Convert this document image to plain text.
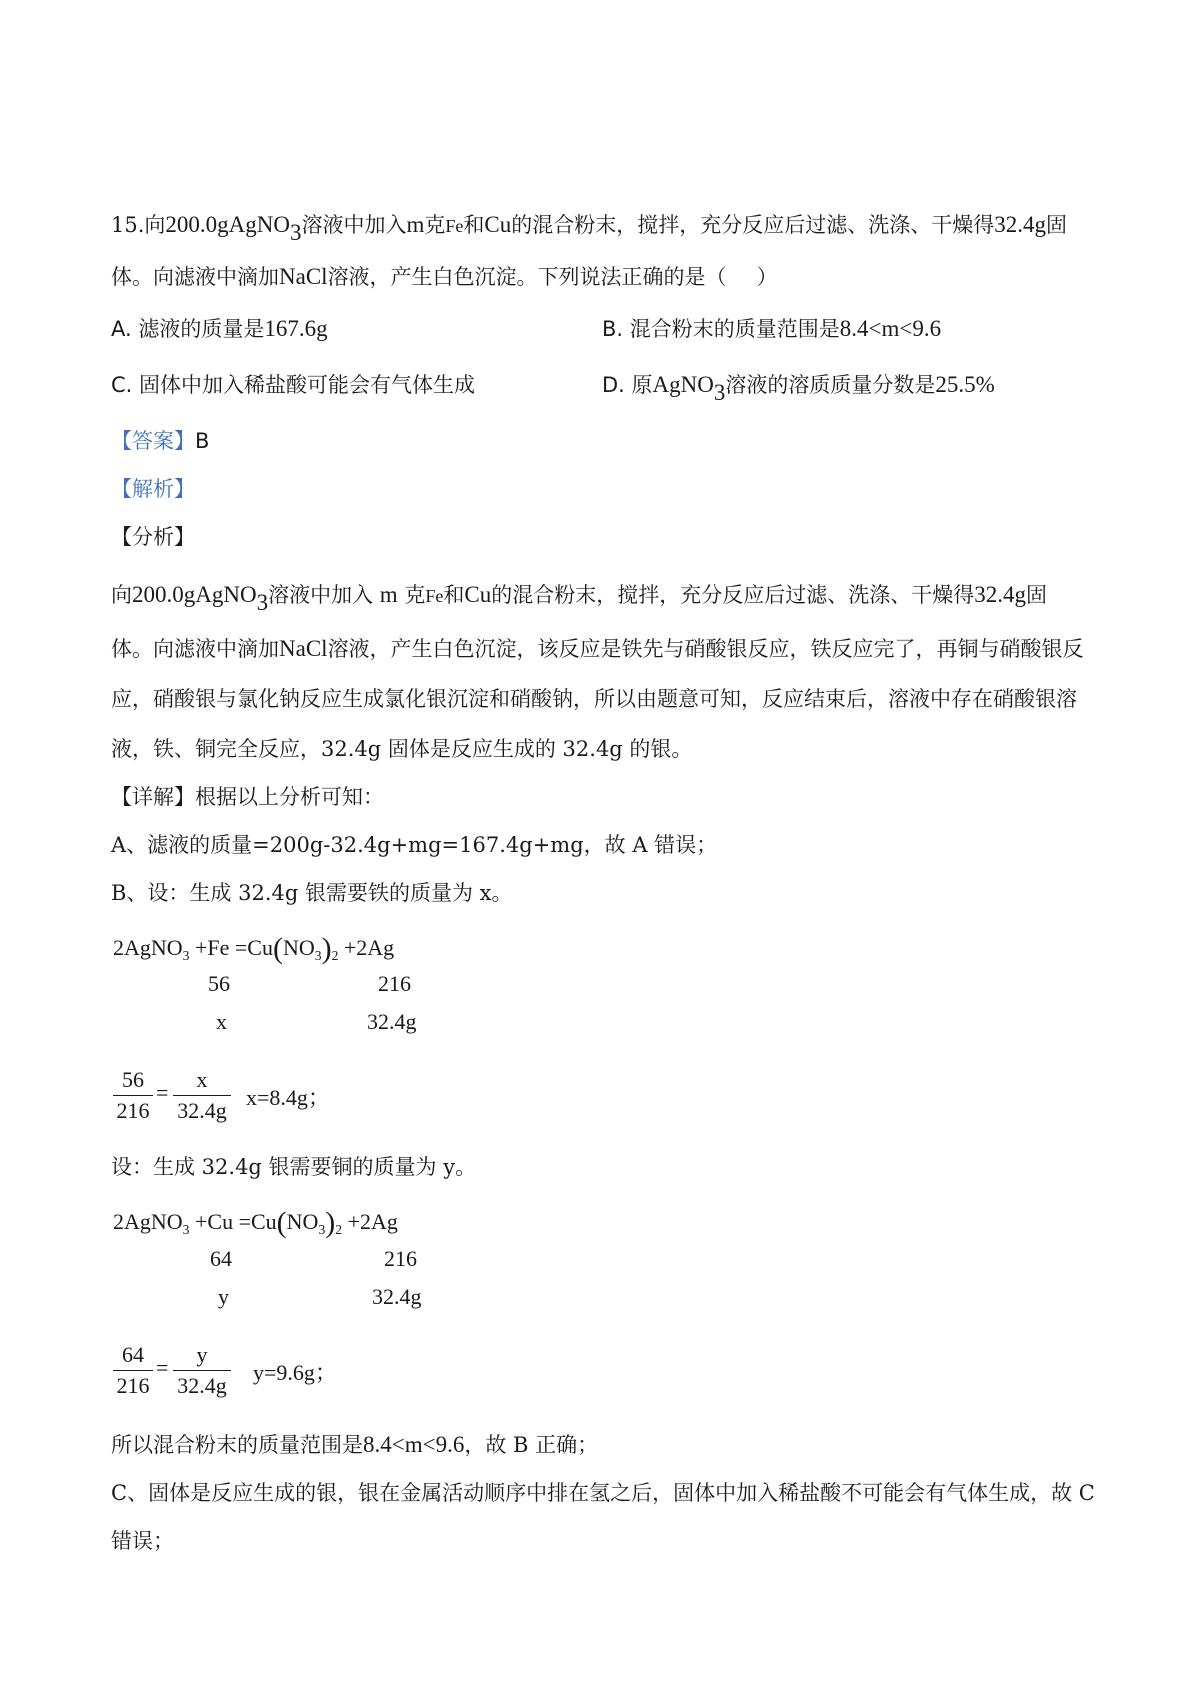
15.向200.0gAgNO$_3$溶液中加入m克Fe和Cu的混合粉末，搅拌，充分反应后过滤、洗涤、干燥得32.4g固
体。向滤液中滴加NaCl溶液，产生白色沉淀。下列说法正确的是（ ）
A. 滤液的质量是167.6g	B. 混合粉末的质量范围是8.4<m<9.6
C. 固体中加入稀盐酸可能会有气体生成	D. 原AgNO$_3$溶液的溶质质量分数是25.5%
【答案】B
【解析】
【分析】
向200.0gAgNO$_3$溶液中加入 m 克Fe和Cu的混合粉末，搅拌，充分反应后过滤、洗涤、干燥得32.4g固
体。向滤液中滴加NaCl溶液，产生白色沉淀，该反应是铁先与硝酸银反应，铁反应完了，再铜与硝酸银反
应，硝酸银与氯化钠反应生成氯化银沉淀和硝酸钠，所以由题意可知，反应结束后，溶液中存在硝酸银溶
液，铁、铜完全反应，32.4g 固体是反应生成的 32.4g 的银。
【详解】根据以上分析可知：
A、滤液的质量=200g-32.4g+mg=167.4g+mg，故 A 错误；
B、设：生成 32.4g 银需要铁的质量为 x。
2AgNO$_3$ $+Fe =Cu(NO_3)_2 +2Ag$
56	216
x	32.4g
56
216
=
x
32.4g
x=8.4g；
设：生成 32.4g 银需要铜的质量为 y。
2AgNO$_3$ $+Cu =Cu(NO_3)_2 +2Ag$
64	216
y	32.4g
64
216
=
y
32.4g
y=9.6g；
所以混合粉末的质量范围是8.4<m<9.6，故 B 正确；
C、固体是反应生成的银，银在金属活动顺序中排在氢之后，固体中加入稀盐酸不可能会有气体生成，故 C
错误；
